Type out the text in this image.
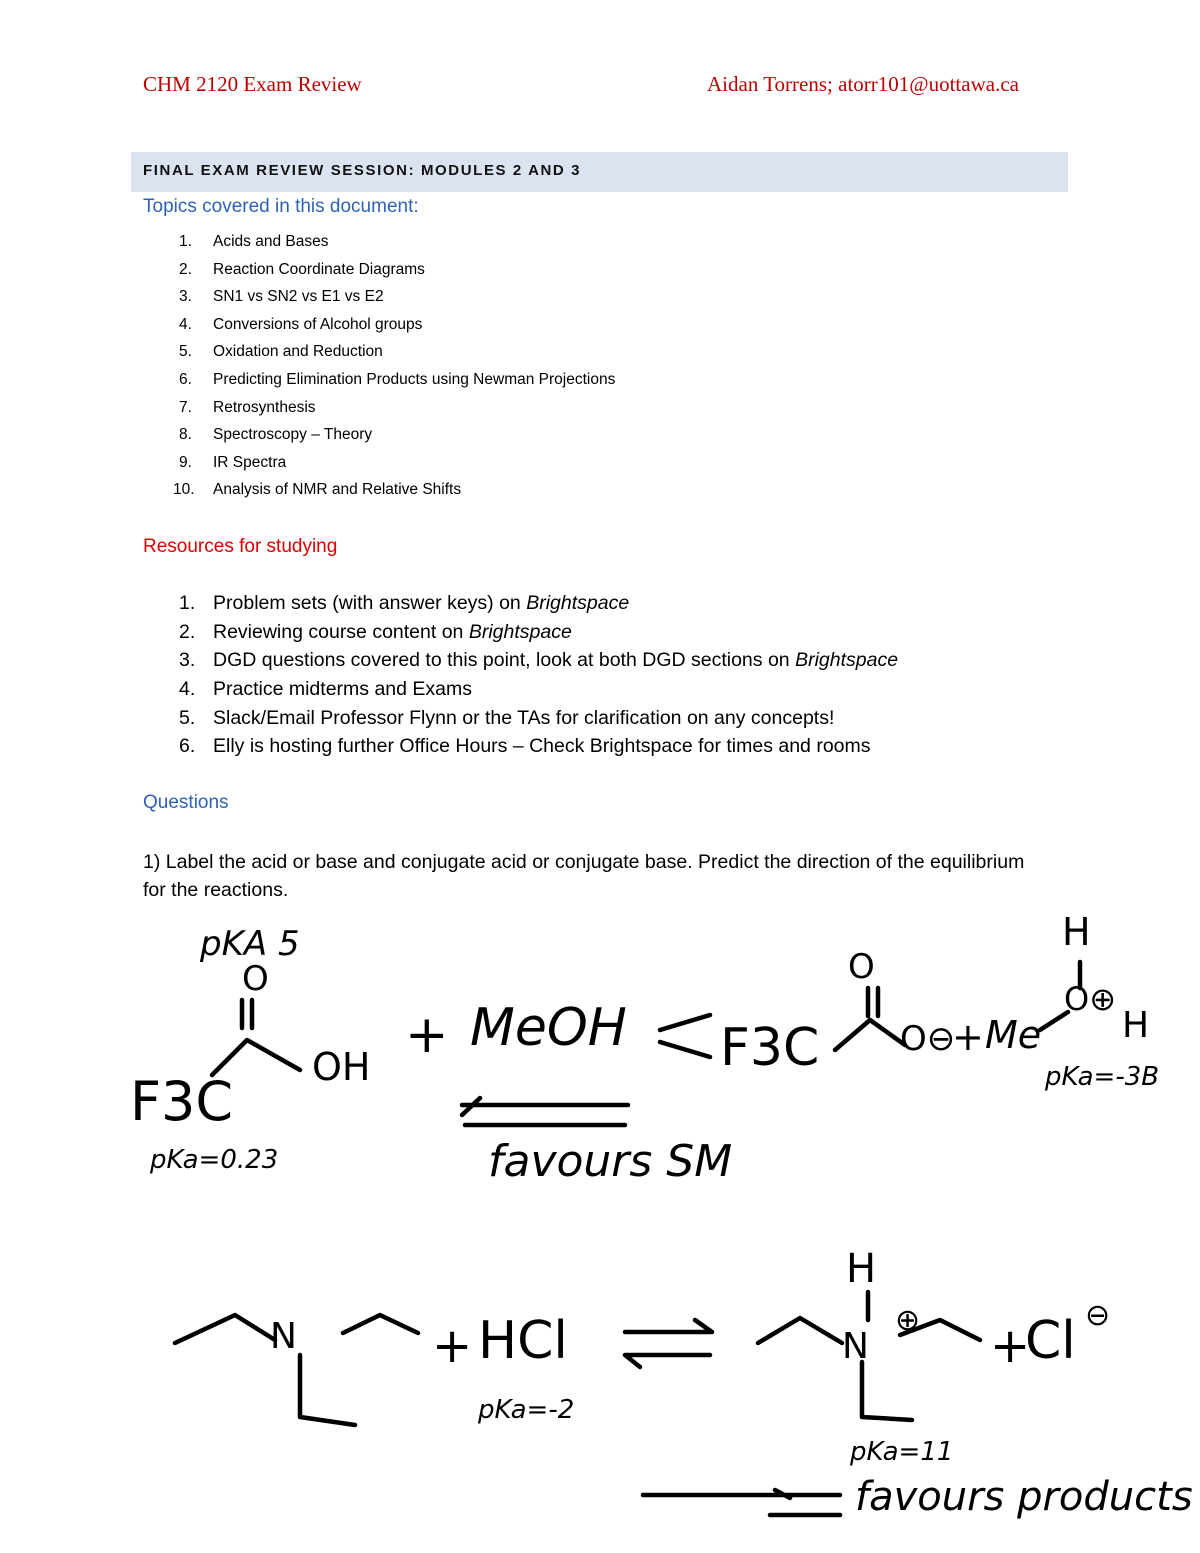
CHM 2120 Exam Review	Aidan Torrens; atorr101@uottawa.ca
FINAL EXAM REVIEW SESSION: MODULES 2 AND 3
Topics covered in this document:
1. Acids and Bases
2. Reaction Coordinate Diagrams
3. SN1 vs SN2 vs E1 vs E2
4. Conversions of Alcohol groups
5. Oxidation and Reduction
6. Predicting Elimination Products using Newman Projections
7. Retrosynthesis
8. Spectroscopy – Theory
9. IR Spectra
10. Analysis of NMR and Relative Shifts
Resources for studying
1. Problem sets (with answer keys) on Brightspace
2. Reviewing course content on Brightspace
3. DGD questions covered to this point, look at both DGD sections on Brightspace
4. Practice midterms and Exams
5. Slack/Email Professor Flynn or the TAs for clarification on any concepts!
6. Elly is hosting further Office Hours – Check Brightspace for times and rooms
Questions
1) Label the acid or base and conjugate acid or conjugate base. Predict the direction of the equilibrium for the reactions.
pKA 5
O
F3C
OH
pKa=0.23
+ MeOH F3C
O
O⊖
+ Me
H
O⊕
H
pKa=-3B
favours SM
N	+ HCl
pKa=-2
H
N
⊕ +
Cl ⊖
pKa=11
favours products
